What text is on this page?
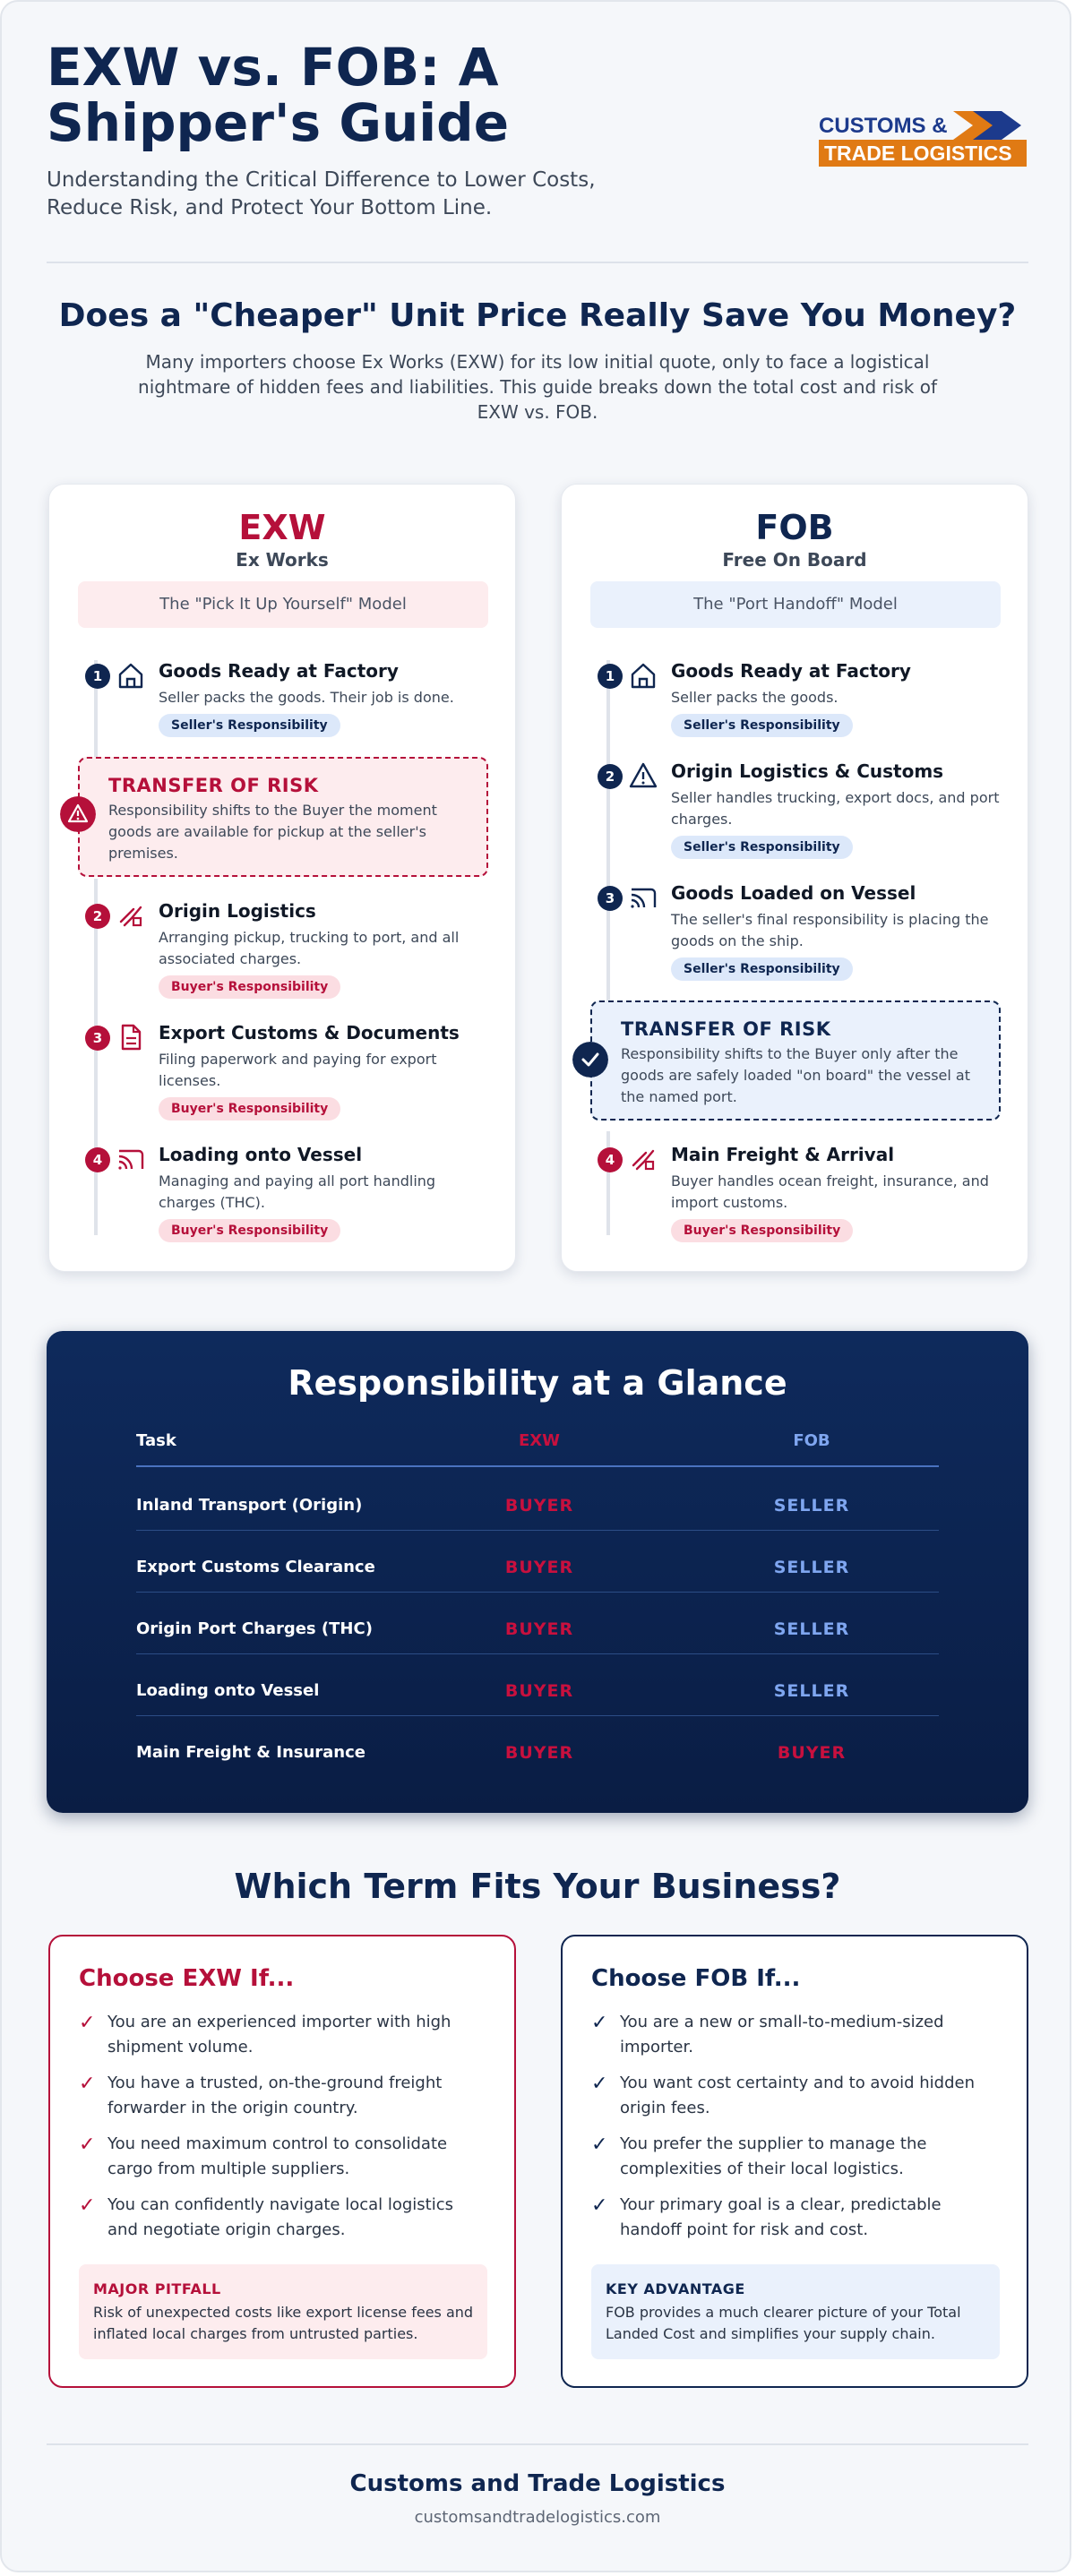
EXW vs. FOB: A Shipper's Guide
Understanding the Critical Difference to Lower Costs, Reduce Risk, and Protect Your Bottom Line.
CUSTOMS &
TRADE LOGISTICS
Does a "Cheaper" Unit Price Really Save You Money?
Many importers choose Ex Works (EXW) for its low initial quote, only to face a logistical nightmare of hidden fees and liabilities. This guide breaks down the total cost and risk of EXW vs. FOB.
EXW
Ex Works
The "Pick It Up Yourself" Model
1	Goods Ready at Factory
Seller packs the goods. Their job is done.
Seller's Responsibility
TRANSFER OF RISK
Responsibility shifts to the Buyer the moment goods are available for pickup at the seller's premises.
2	Origin Logistics
Arranging pickup, trucking to port, and all associated charges.
Buyer's Responsibility
3	Export Customs & Documents
Filing paperwork and paying for export licenses.
Buyer's Responsibility
4	Loading onto Vessel
Managing and paying all port handling charges (THC).
Buyer's Responsibility
FOB
Free On Board
The "Port Handoff" Model
1	Goods Ready at Factory
Seller packs the goods.
Seller's Responsibility
2	Origin Logistics & Customs
Seller handles trucking, export docs, and port charges.
Seller's Responsibility
3	Goods Loaded on Vessel
The seller's final responsibility is placing the goods on the ship.
Seller's Responsibility
TRANSFER OF RISK
Responsibility shifts to the Buyer only after the goods are safely loaded "on board" the vessel at the named port.
4	Main Freight & Arrival
Buyer handles ocean freight, insurance, and import customs.
Buyer's Responsibility
Responsibility at a Glance
Task	EXW	FOB
Inland Transport (Origin)	BUYER	SELLER
Export Customs Clearance	BUYER	SELLER
Origin Port Charges (THC)	BUYER	SELLER
Loading onto Vessel	BUYER	SELLER
Main Freight & Insurance	BUYER	BUYER
Which Term Fits Your Business?
Choose EXW If...
✓ You are an experienced importer with high shipment volume.
✓ You have a trusted, on-the-ground freight forwarder in the origin country.
✓ You need maximum control to consolidate cargo from multiple suppliers.
✓ You can confidently navigate local logistics and negotiate origin charges.
MAJOR PITFALL
Risk of unexpected costs like export license fees and inflated local charges from untrusted parties.
Choose FOB If...
✓ You are a new or small-to-medium-sized importer.
✓ You want cost certainty and to avoid hidden origin fees.
✓ You prefer the supplier to manage the complexities of their local logistics.
✓ Your primary goal is a clear, predictable handoff point for risk and cost.
KEY ADVANTAGE
FOB provides a much clearer picture of your Total Landed Cost and simplifies your supply chain.
Customs and Trade Logistics
customsandtradelogistics.com
